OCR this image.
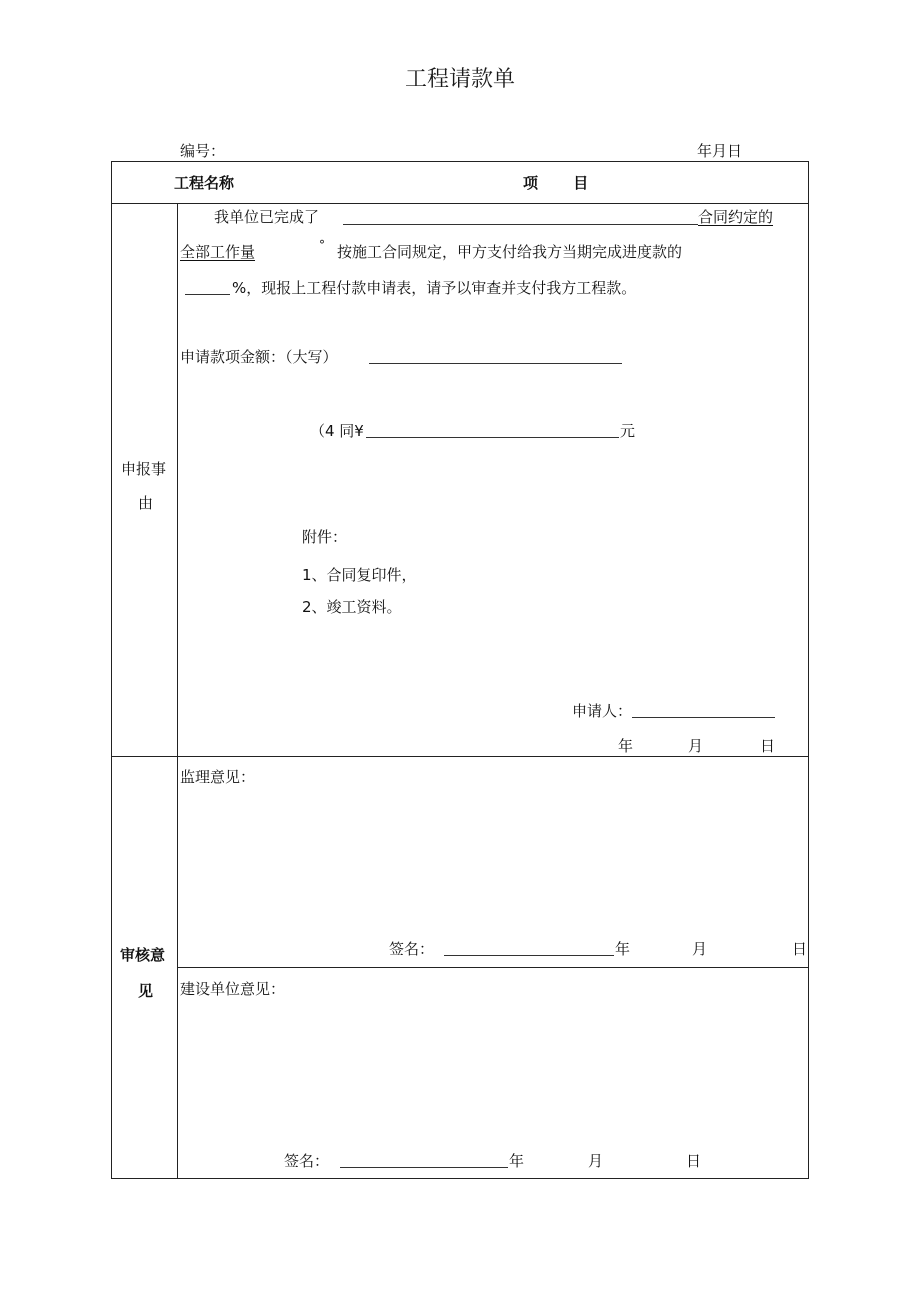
工程请款单
编号：	年月日
工程名称	项 目
申报事
由
我单位已完成了	合同约定的
全部工作量	° 按施工合同规定，甲方支付给我方当期完成进度款的
%，现报上工程付款申请表，请予以审查并支付我方工程款。
申请款项金额：（大写）
（4 同¥	元
附件：
1、合同复印件，
2、竣工资料。
申请人：
年	月	日
审核意
见
监理意见：
签名：	年	月	日
建设单位意见：
签名：	年	月	日
